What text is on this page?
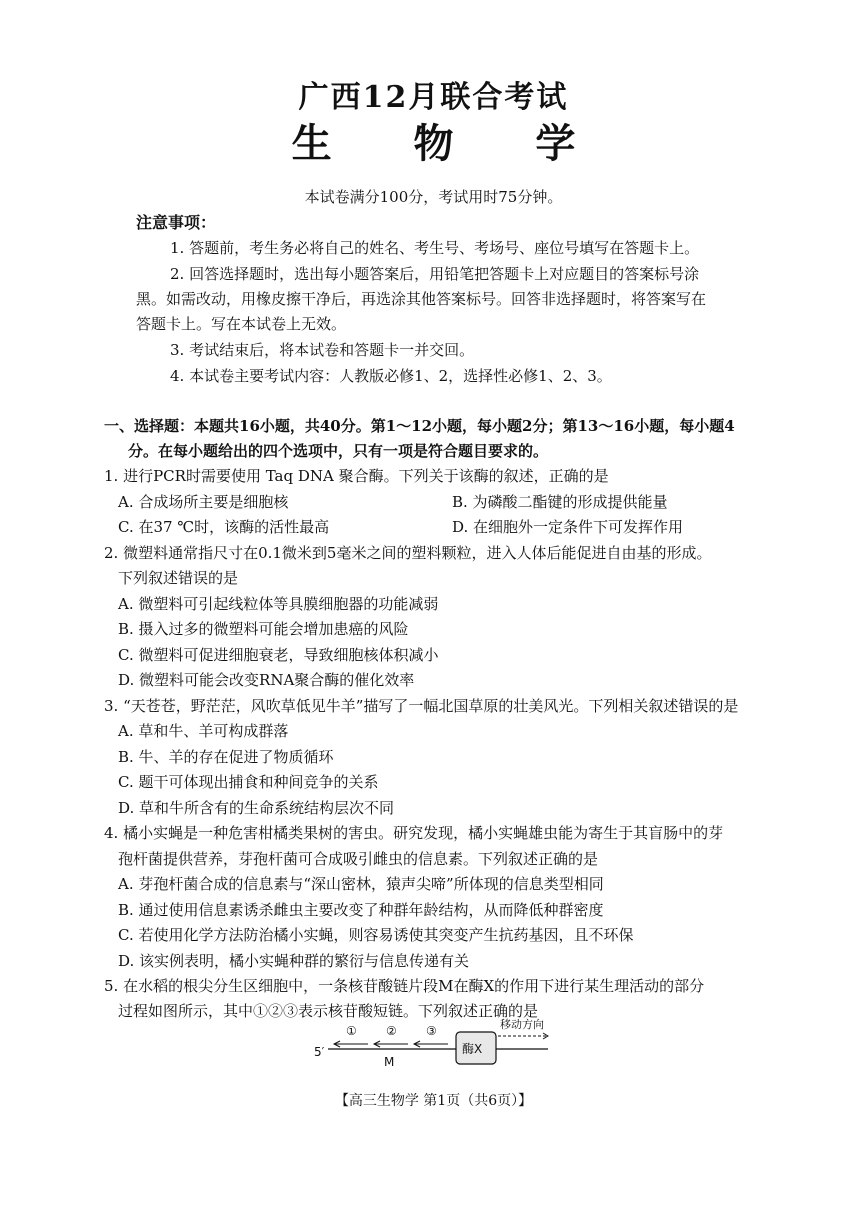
广西12月联合考试
生 物 学
本试卷满分100分，考试用时75分钟。
注意事项：
1. 答题前，考生务必将自己的姓名、考生号、考场号、座位号填写在答题卡上。
2. 回答选择题时，选出每小题答案后，用铅笔把答题卡上对应题目的答案标号涂
黑。如需改动，用橡皮擦干净后，再选涂其他答案标号。回答非选择题时，将答案写在
答题卡上。写在本试卷上无效。
3. 考试结束后，将本试卷和答题卡一并交回。
4. 本试卷主要考试内容：人教版必修1、2，选择性必修1、2、3。
一、选择题：本题共16小题，共40分。第1～12小题，每小题2分；第13～16小题，每小题4
分。在每小题给出的四个选项中，只有一项是符合题目要求的。
1. 进行PCR时需要使用 Taq DNA 聚合酶。下列关于该酶的叙述，正确的是
A. 合成场所主要是细胞核	B. 为磷酸二酯键的形成提供能量
C. 在37 ℃时，该酶的活性最高	D. 在细胞外一定条件下可发挥作用
2. 微塑料通常指尺寸在0.1微米到5毫米之间的塑料颗粒，进入人体后能促进自由基的形成。
下列叙述错误的是
A. 微塑料可引起线粒体等具膜细胞器的功能减弱
B. 摄入过多的微塑料可能会增加患癌的风险
C. 微塑料可促进细胞衰老，导致细胞核体积减小
D. 微塑料可能会改变RNA聚合酶的催化效率
3. “天苍苍，野茫茫，风吹草低见牛羊”描写了一幅北国草原的壮美风光。下列相关叙述错误的是
A. 草和牛、羊可构成群落
B. 牛、羊的存在促进了物质循环
C. 题干可体现出捕食和种间竞争的关系
D. 草和牛所含有的生命系统结构层次不同
4. 橘小实蝇是一种危害柑橘类果树的害虫。研究发现，橘小实蝇雄虫能为寄生于其盲肠中的芽
孢杆菌提供营养，芽孢杆菌可合成吸引雌虫的信息素。下列叙述正确的是
A. 芽孢杆菌合成的信息素与“深山密林，猿声尖啼”所体现的信息类型相同
B. 通过使用信息素诱杀雌虫主要改变了种群年龄结构，从而降低种群密度
C. 若使用化学方法防治橘小实蝇，则容易诱使其突变产生抗药基因，且不环保
D. 该实例表明，橘小实蝇种群的繁衍与信息传递有关
5. 在水稻的根尖分生区细胞中，一条核苷酸链片段M在酶X的作用下进行某生理活动的部分
过程如图所示，其中①②③表示核苷酸短链。下列叙述正确的是
5′
① ② ③
M
酶X
移动方向
【高三生物学 第1页（共6页）】
